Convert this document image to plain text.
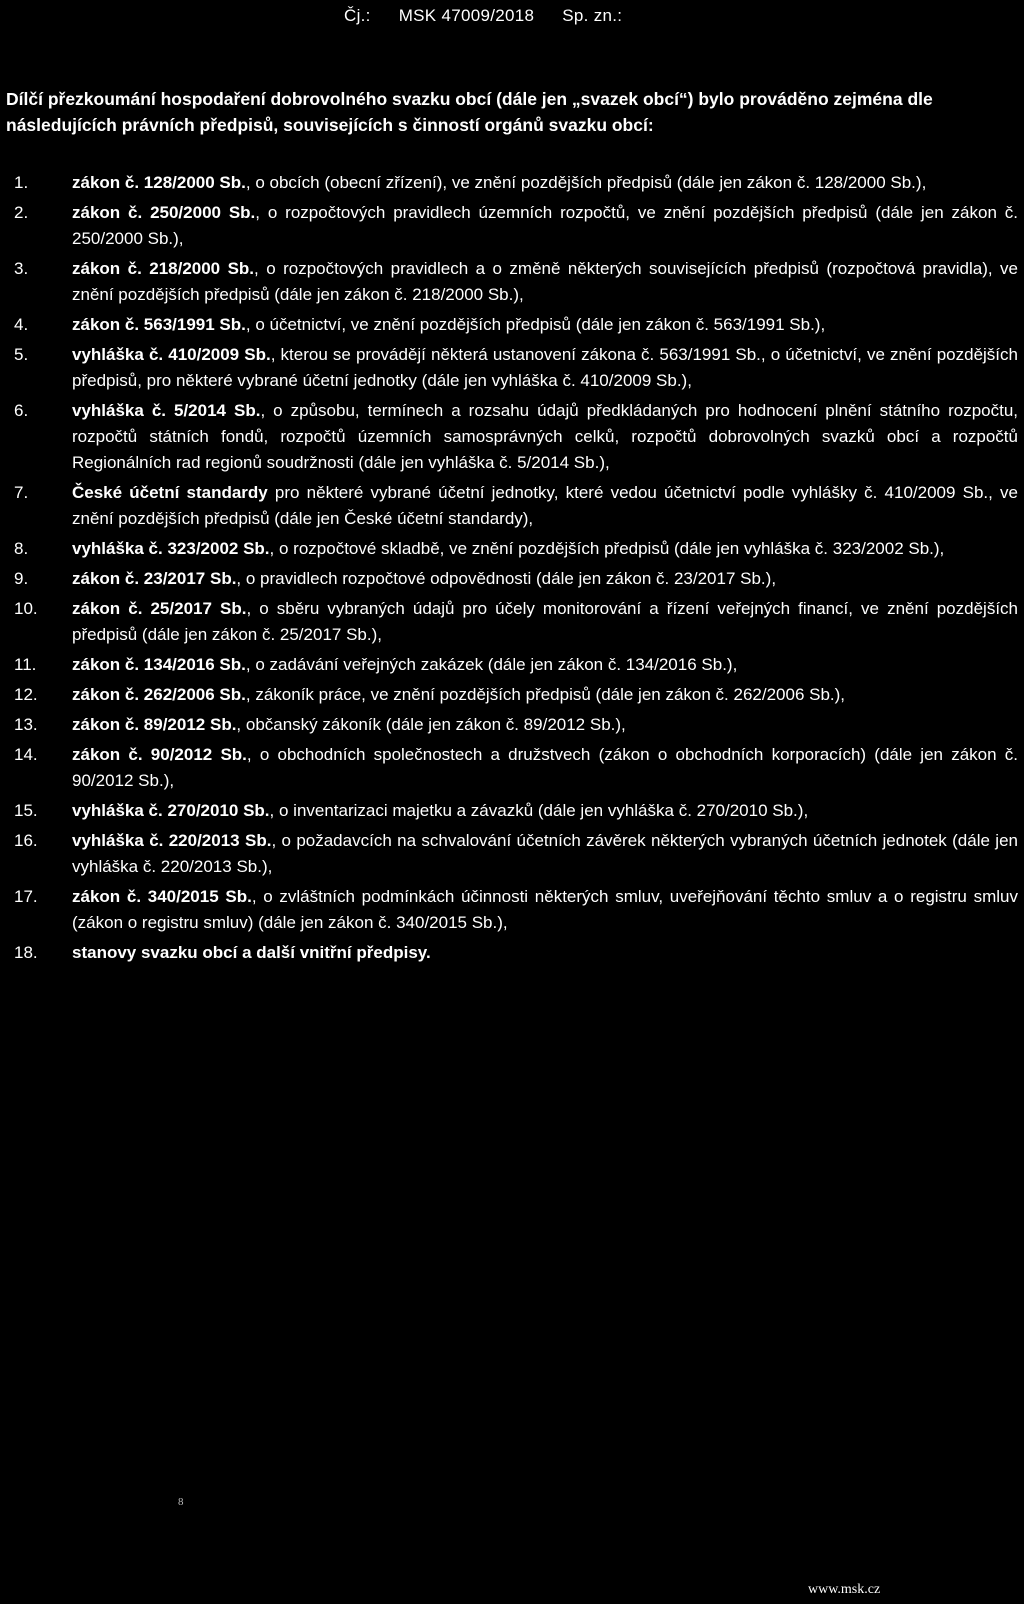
Čj.: MSK 47009/2018 Sp. zn.:
Dílčí přezkoumání hospodaření dobrovolného svazku obcí (dále jen „svazek obcí“) bylo prováděno zejména dle následujících právních předpisů, souvisejících s činností orgánů svazku obcí:
1.	zákon č. 128/2000 Sb., o obcích (obecní zřízení), ve znění pozdějších předpisů (dále jen zákon č. 128/2000 Sb.),
2.	zákon č. 250/2000 Sb., o rozpočtových pravidlech územních rozpočtů, ve znění pozdějších předpisů (dále jen zákon č. 250/2000 Sb.),
3.	zákon č. 218/2000 Sb., o rozpočtových pravidlech a o změně některých souvisejících předpisů (rozpočtová pravidla), ve znění pozdějších předpisů (dále jen zákon č. 218/2000 Sb.),
4.	zákon č. 563/1991 Sb., o účetnictví, ve znění pozdějších předpisů (dále jen zákon č. 563/1991 Sb.),
5.	vyhláška č. 410/2009 Sb., kterou se provádějí některá ustanovení zákona č. 563/1991 Sb., o účetnictví, ve znění pozdějších předpisů, pro některé vybrané účetní jednotky (dále jen vyhláška č. 410/2009 Sb.),
6.	vyhláška č. 5/2014 Sb., o způsobu, termínech a rozsahu údajů předkládaných pro hodnocení plnění státního rozpočtu, rozpočtů státních fondů, rozpočtů územních samosprávných celků, rozpočtů dobrovolných svazků obcí a rozpočtů Regionálních rad regionů soudržnosti (dále jen vyhláška č. 5/2014 Sb.),
7.	České účetní standardy pro některé vybrané účetní jednotky, které vedou účetnictví podle vyhlášky č. 410/2009 Sb., ve znění pozdějších předpisů (dále jen České účetní standardy),
8.	vyhláška č. 323/2002 Sb., o rozpočtové skladbě, ve znění pozdějších předpisů (dále jen vyhláška č. 323/2002 Sb.),
9.	zákon č. 23/2017 Sb., o pravidlech rozpočtové odpovědnosti (dále jen zákon č. 23/2017 Sb.),
10.	zákon č. 25/2017 Sb., o sběru vybraných údajů pro účely monitorování a řízení veřejných financí, ve znění pozdějších předpisů (dále jen zákon č. 25/2017 Sb.),
11.	zákon č. 134/2016 Sb., o zadávání veřejných zakázek (dále jen zákon č. 134/2016 Sb.),
12.	zákon č. 262/2006 Sb., zákoník práce, ve znění pozdějších předpisů (dále jen zákon č. 262/2006 Sb.),
13.	zákon č. 89/2012 Sb., občanský zákoník (dále jen zákon č. 89/2012 Sb.),
14.	zákon č. 90/2012 Sb., o obchodních společnostech a družstvech (zákon o obchodních korporacích) (dále jen zákon č. 90/2012 Sb.),
15.	vyhláška č. 270/2010 Sb., o inventarizaci majetku a závazků (dále jen vyhláška č. 270/2010 Sb.),
16.	vyhláška č. 220/2013 Sb., o požadavcích na schvalování účetních závěrek některých vybraných účetních jednotek (dále jen vyhláška č. 220/2013 Sb.),
17.	zákon č. 340/2015 Sb., o zvláštních podmínkách účinnosti některých smluv, uveřejňování těchto smluv a o registru smluv (zákon o registru smluv) (dále jen zákon č. 340/2015 Sb.),
18.	stanovy svazku obcí a další vnitřní předpisy.
8
www.msk.cz
